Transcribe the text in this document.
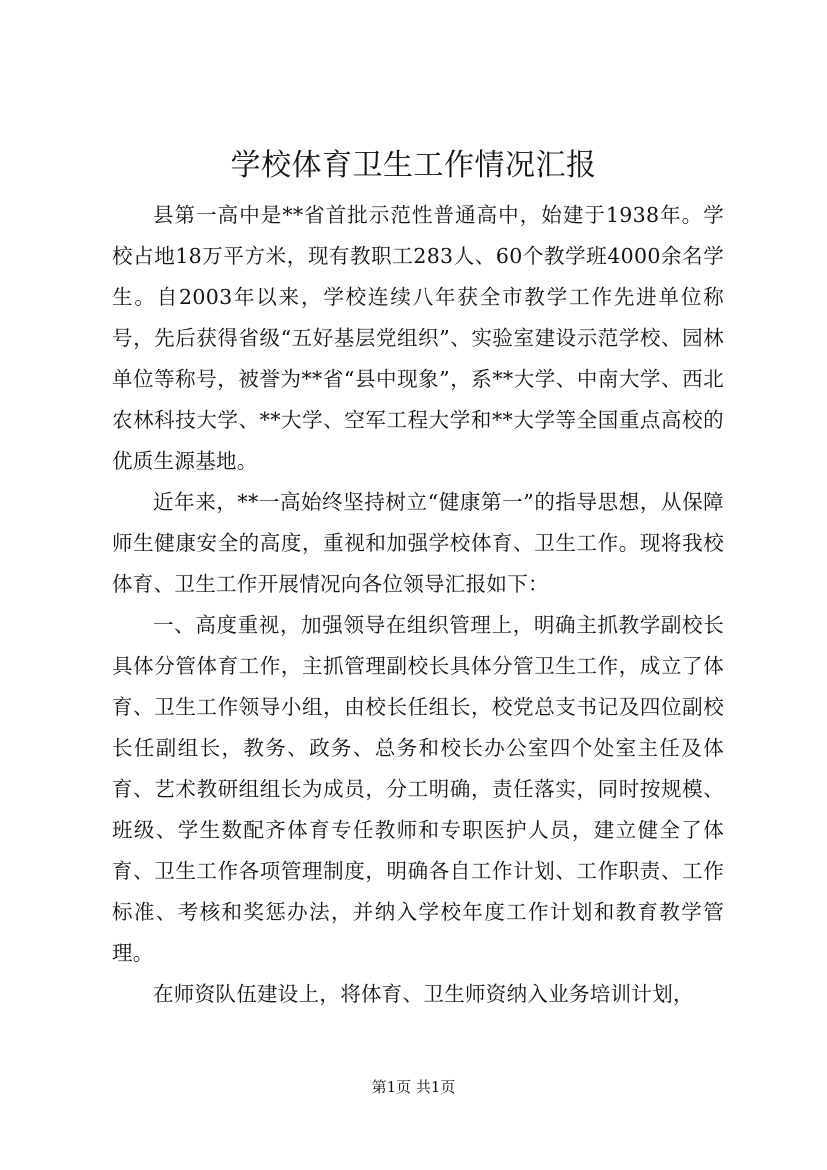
学校体育卫生工作情况汇报

县第一高中是**省首批示范性普通高中，始建于1938年。学校占地18万平方米，现有教职工283人、60个教学班4000余名学生。自2003年以来，学校连续八年获全市教学工作先进单位称号，先后获得省级“五好基层党组织”、实验室建设示范学校、园林单位等称号，被誉为**省“县中现象”，系**大学、中南大学、西北农林科技大学、**大学、空军工程大学和**大学等全国重点高校的优质生源基地。

近年来，**一高始终坚持树立“健康第一”的指导思想，从保障师生健康安全的高度，重视和加强学校体育、卫生工作。现将我校体育、卫生工作开展情况向各位领导汇报如下：

一、高度重视，加强领导在组织管理上，明确主抓教学副校长具体分管体育工作，主抓管理副校长具体分管卫生工作，成立了体育、卫生工作领导小组，由校长任组长，校党总支书记及四位副校长任副组长，教务、政务、总务和校长办公室四个处室主任及体育、艺术教研组组长为成员，分工明确，责任落实，同时按规模、班级、学生数配齐体育专任教师和专职医护人员，建立健全了体育、卫生工作各项管理制度，明确各自工作计划、工作职责、工作标准、考核和奖惩办法，并纳入学校年度工作计划和教育教学管理。

在师资队伍建设上，将体育、卫生师资纳入业务培训计划，

第1页 共1页
